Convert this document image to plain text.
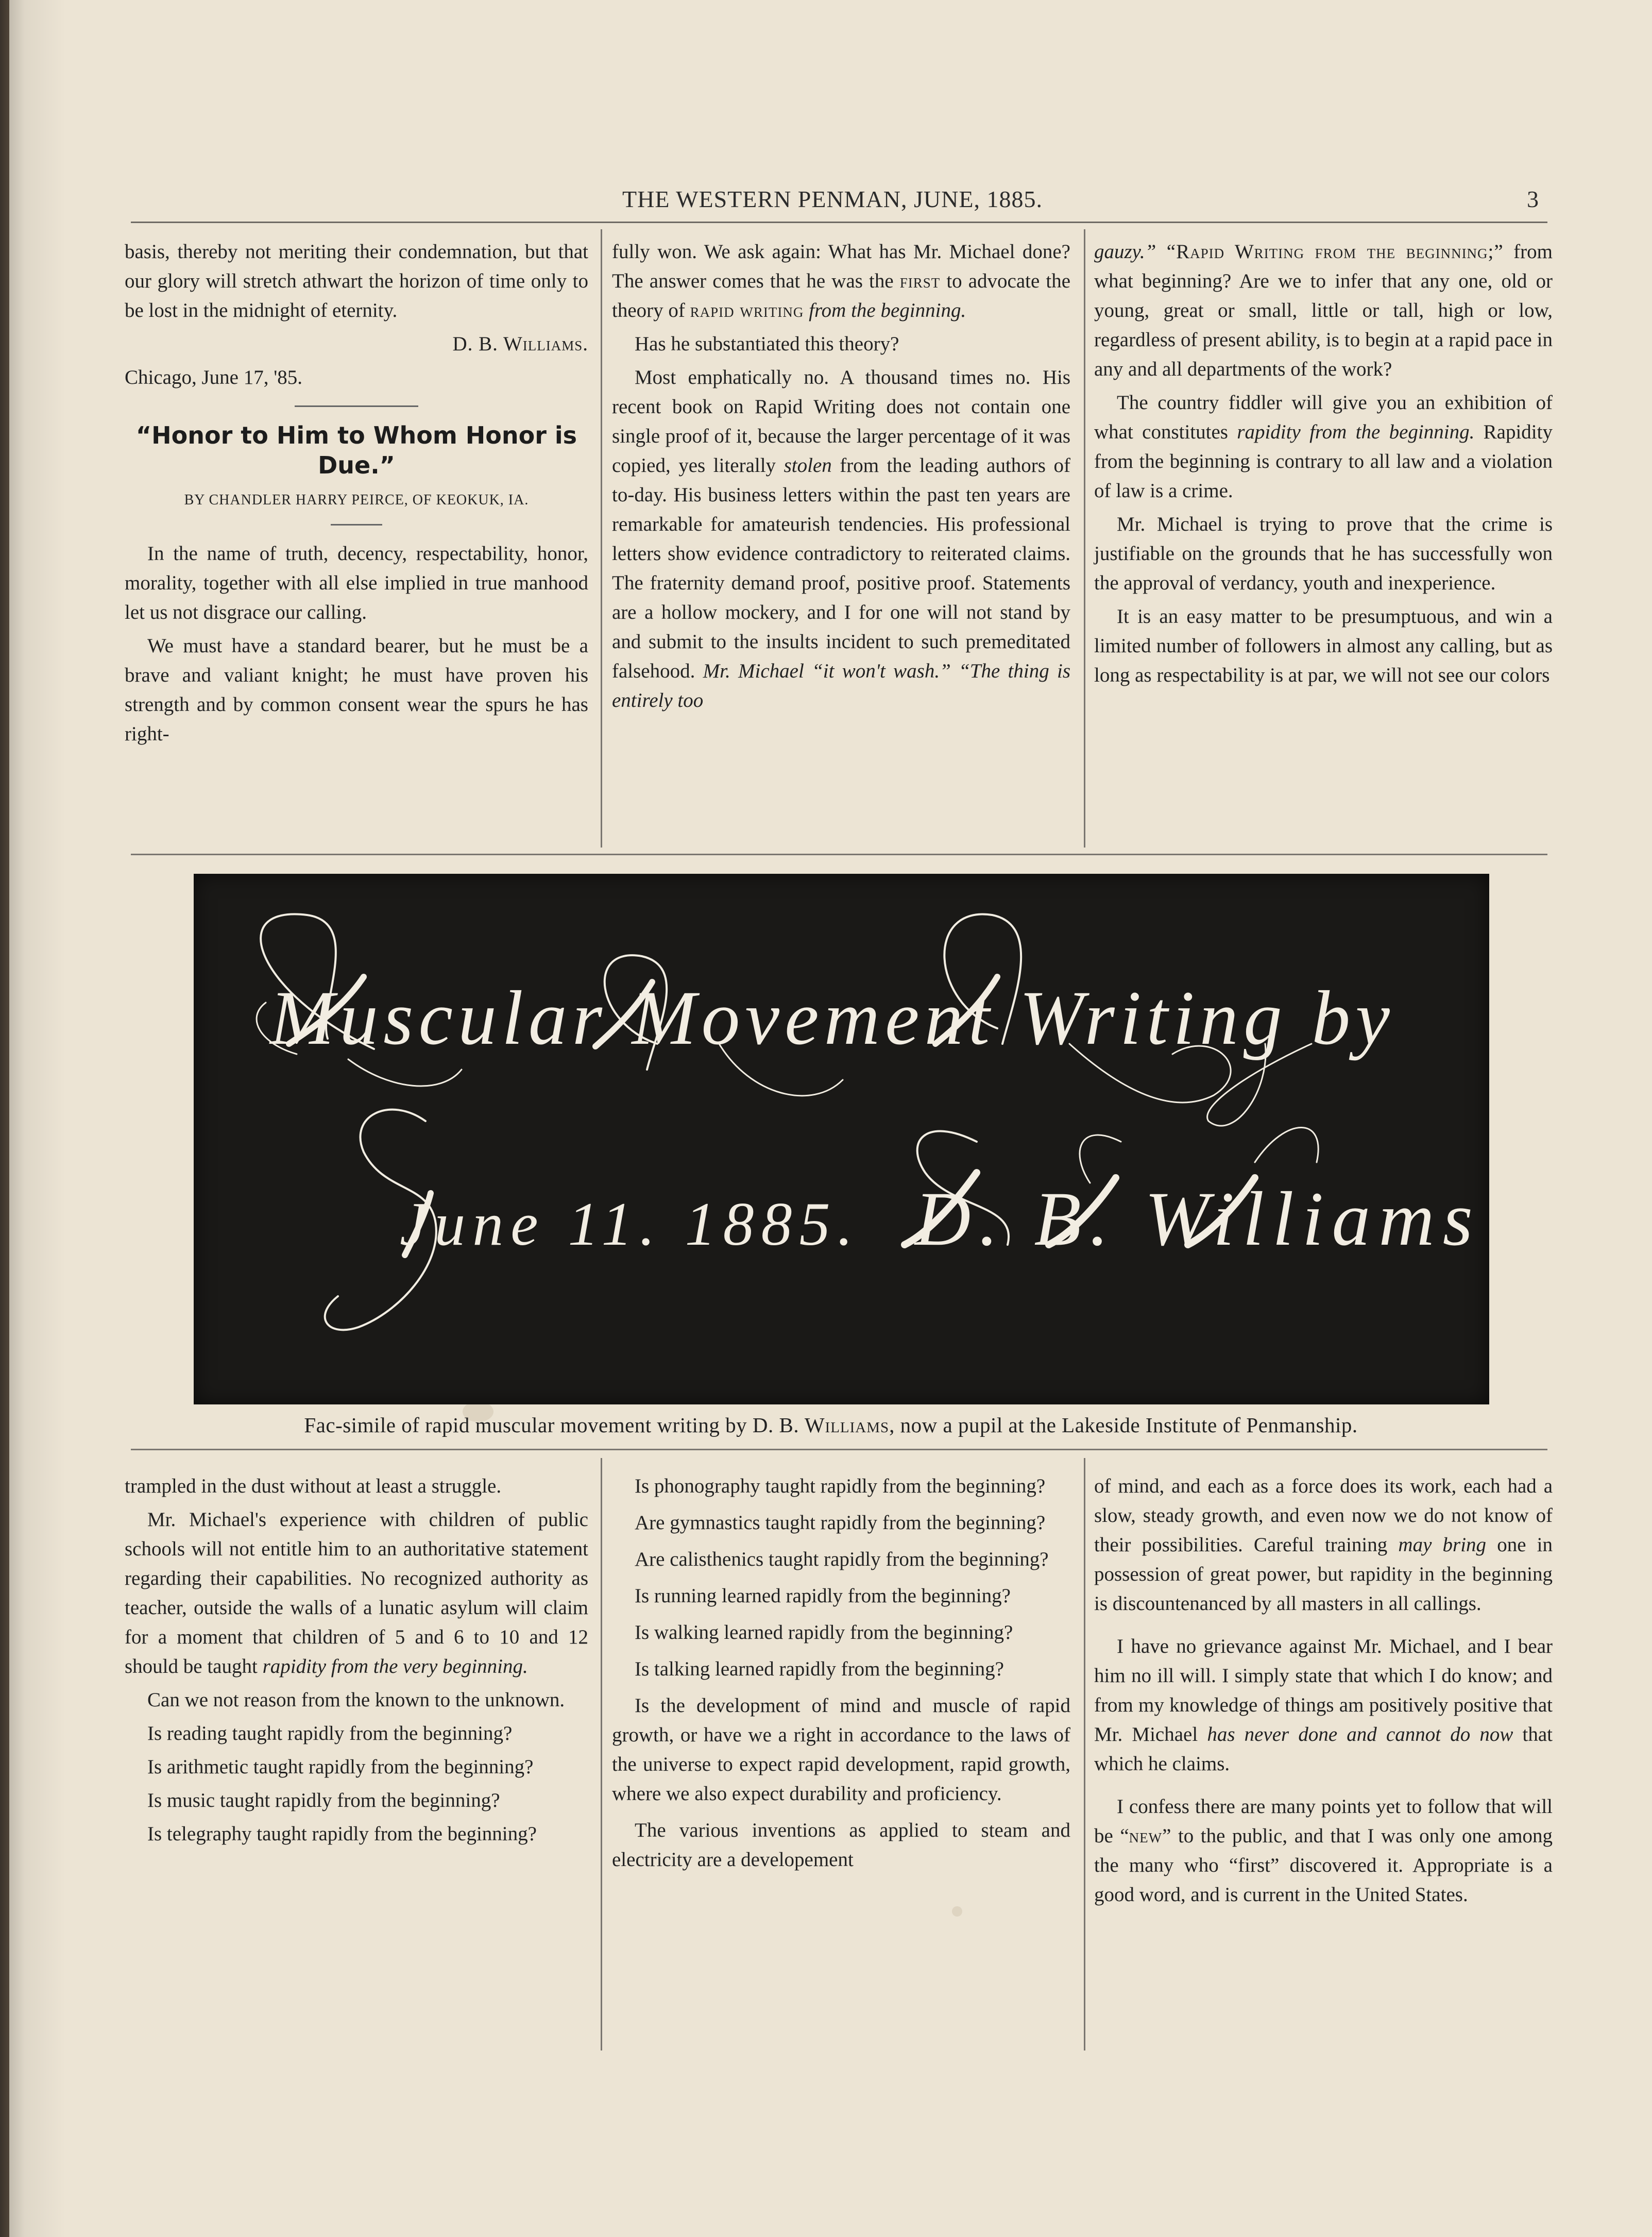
THE WESTERN PENMAN, JUNE, 1885.	3

basis, thereby not meriting their condemnation, but that our glory will stretch athwart the horizon of time only to be lost in the midnight of eternity.

D. B. Williams.

Chicago, June 17, '85.

“Honor to Him to Whom Honor is Due.”
BY CHANDLER HARRY PEIRCE, OF KEOKUK, IA.

In the name of truth, decency, respectability, honor, morality, together with all else implied in true manhood let us not disgrace our calling.

We must have a standard bearer, but he must be a brave and valiant knight; he must have proven his strength and by common consent wear the spurs he has right-

fully won. We ask again: What has Mr. Michael done? The answer comes that he was the first to advocate the theory of rapid writing from the beginning.

Has he substantiated this theory?

Most emphatically no. A thousand times no. His recent book on Rapid Writing does not contain one single proof of it, because the larger percentage of it was copied, yes literally stolen from the leading authors of to-day. His business letters within the past ten years are remarkable for amateurish tendencies. His professional letters show evidence contradictory to reiterated claims. The fraternity demand proof, positive proof. Statements are a hollow mockery, and I for one will not stand by and submit to the insults incident to such premeditated falsehood. Mr. Michael “it won't wash.” “The thing is entirely too

gauzy.” “Rapid Writing from the beginning;” from what beginning? Are we to infer that any one, old or young, great or small, little or tall, high or low, regardless of present ability, is to begin at a rapid pace in any and all departments of the work?

The country fiddler will give you an exhibition of what constitutes rapidity from the beginning. Rapidity from the beginning is contrary to all law and a violation of law is a crime.

Mr. Michael is trying to prove that the crime is justifiable on the grounds that he has successfully won the approval of verdancy, youth and inexperience.

It is an easy matter to be presumptuous, and win a limited number of followers in almost any calling, but as long as respectability is at par, we will not see our colors

Muscular Movement Writing by
June 11. 1885. D. B. Williams
Fac-simile of rapid muscular movement writing by D. B. Williams, now a pupil at the Lakeside Institute of Penmanship.

trampled in the dust without at least a struggle.

Mr. Michael's experience with children of public schools will not entitle him to an authoritative statement regarding their capabilities. No recognized authority as teacher, outside the walls of a lunatic asylum will claim for a moment that children of 5 and 6 to 10 and 12 should be taught rapidity from the very beginning.

Can we not reason from the known to the unknown.

Is reading taught rapidly from the beginning?

Is arithmetic taught rapidly from the beginning?

Is music taught rapidly from the beginning?

Is telegraphy taught rapidly from the beginning?

Is phonography taught rapidly from the beginning?

Are gymnastics taught rapidly from the beginning?

Are calisthenics taught rapidly from the beginning?

Is running learned rapidly from the beginning?

Is walking learned rapidly from the beginning?

Is talking learned rapidly from the beginning?

Is the development of mind and muscle of rapid growth, or have we a right in accordance to the laws of the universe to expect rapid development, rapid growth, where we also expect durability and proficiency.

The various inventions as applied to steam and electricity are a developement

of mind, and each as a force does its work, each had a slow, steady growth, and even now we do not know of their possibilities. Careful training may bring one in possession of great power, but rapidity in the beginning is discountenanced by all masters in all callings.

I have no grievance against Mr. Michael, and I bear him no ill will. I simply state that which I do know; and from my knowledge of things am positively positive that Mr. Michael has never done and cannot do now that which he claims.

I confess there are many points yet to follow that will be “new” to the public, and that I was only one among the many who “first” discovered it. Appropriate is a good word, and is current in the United States.
